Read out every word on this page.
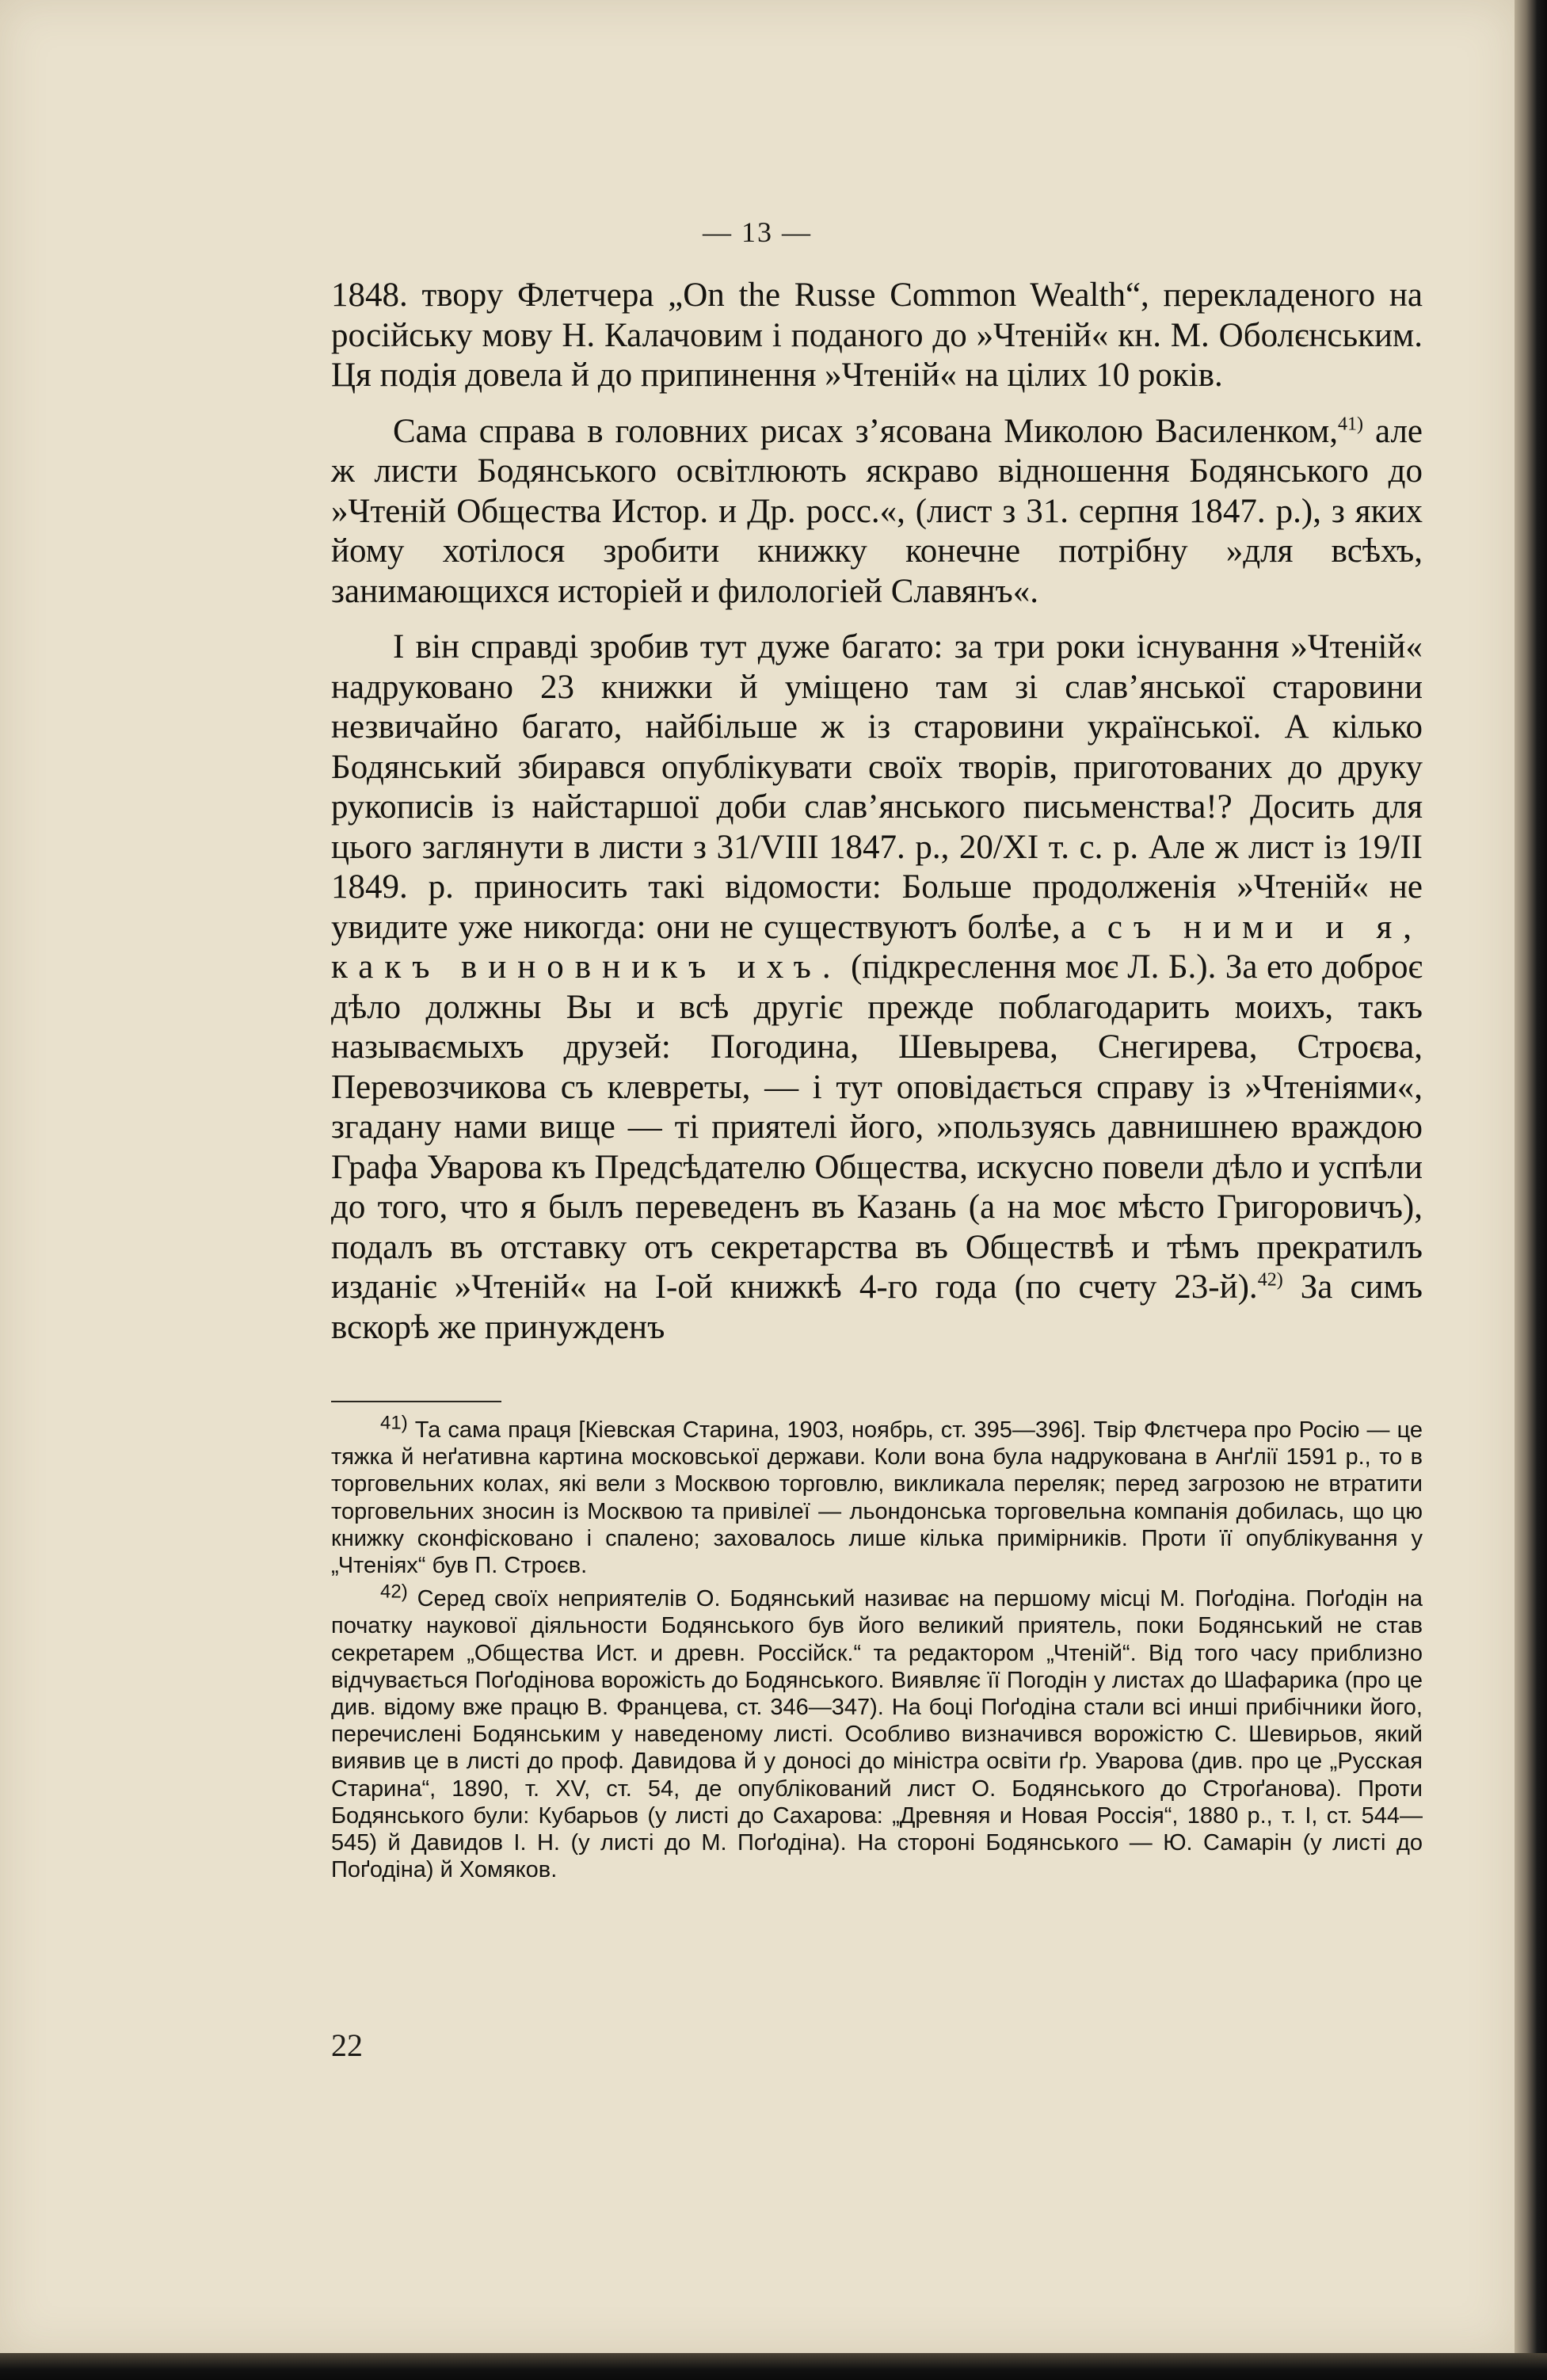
— 13 —

1848. твору Флетчера „On the Russe Common Wealth“, перекладеного на російську мову Н. Калачовим і поданого до »Чтеній« кн. М. Оболєнським. Ця подія довела й до припинення »Чтеній« на цілих 10 років.

Сама справа в головних рисах з’ясована Миколою Василенком,$^{41)}$ але ж листи Бодянського освітлюють яскраво відношення Бодянського до »Чтеній Общества Истор. и Др. росс.«, (лист з 31. серпня 1847. р.), з яких йому хотілося зробити книжку конечне потрібну »для всѣхъ, занимающихся исторіей и филологіей Славянъ«.

І він справді зробив тут дуже багато: за три роки існування »Чтеній« надруковано 23 книжки й уміщено там зі слав’янської старовини незвичайно багато, найбільше ж із старовини української. А кілько Бодянський збирався опублікувати своїх творів, приготованих до друку рукописів із найстаршої доби слав’янського письменства!? Досить для цього заглянути в листи з 31/VIII 1847. р., 20/XI т. с. р. Але ж лист із 19/II 1849. р. приносить такі відомости: Больше продолженія »Чтеній« не увидите уже никогда: они не существуютъ болѣе, а съ ними и я, какъ виновникъ ихъ. (підкреслення моє Л. Б.). За ето доброє дѣло должны Вы и всѣ другіє прежде поблагодарить моихъ, такъ называємыхъ друзей: Погодина, Шевырева, Снегирева, Строєва, Перевозчикова съ клевреты, — і тут оповідається справу із »Чтеніями«, згадану нами вище — ті приятелі його, »пользуясь давнишнею враждою Графа Уварова къ Предсѣдателю Общества, искусно повели дѣло и успѣли до того, что я былъ переведенъ въ Казань (а на моє мѣсто Григоровичъ), подалъ въ отставку отъ секретарства въ Обществѣ и тѣмъ прекратилъ изданіє »Чтеній« на І-ой книжкѣ 4-го года (по счету 23-й).$^{42)}$ За симъ вскорѣ же принужденъ

$^{41)}$ Та сама праця [Кіевская Старина, 1903, ноябрь, ст. 395—396]. Твір Флєтчера про Росію — це тяжка й неґативна картина московської держави. Коли вона була надрукована в Анґлії 1591 р., то в торговельних колах, які вели з Москвою торговлю, викликала переляк; перед загрозою не втратити торговельних зносин із Москвою та привілеї — льондонська торговельна компанія добилась, що цю книжку сконфісковано і спалено; заховалось лише кілька примірників. Проти її опублікування у „Чтеніях“ був П. Строєв.

$^{42)}$ Серед своїх неприятелів О. Бодянський називає на першому місці М. Поґодіна. Поґодін на початку наукової діяльности Бодянського був його великий приятель, поки Бодянський не став секретарем „Общества Ист. и древн. Россійск.“ та редактором „Чтеній“. Від того часу приблизно відчувається Поґодінова ворожість до Бодянського. Виявляє її Погодін у листах до Шафарика (про це див. відому вже працю В. Францева, ст. 346—347). На боці Поґодіна стали всі инші прибічники його, перечислені Бодянським у наведеному листі. Особливо визначився ворожістю С. Шевирьов, який виявив це в листі до проф. Давидова й у доносі до міністра освіти ґр. Уварова (див. про це „Русская Старина“, 1890, т. XV, ст. 54, де опублікований лист О. Бодянського до Строґанова). Проти Бодянського були: Кубарьов (у листі до Сахарова: „Древняя и Новая Россія“, 1880 р., т. I, ст. 544—545) й Давидов І. Н. (у листі до М. Поґодіна). На стороні Бодянського — Ю. Самарін (у листі до Поґодіна) й Хомяков.

22
